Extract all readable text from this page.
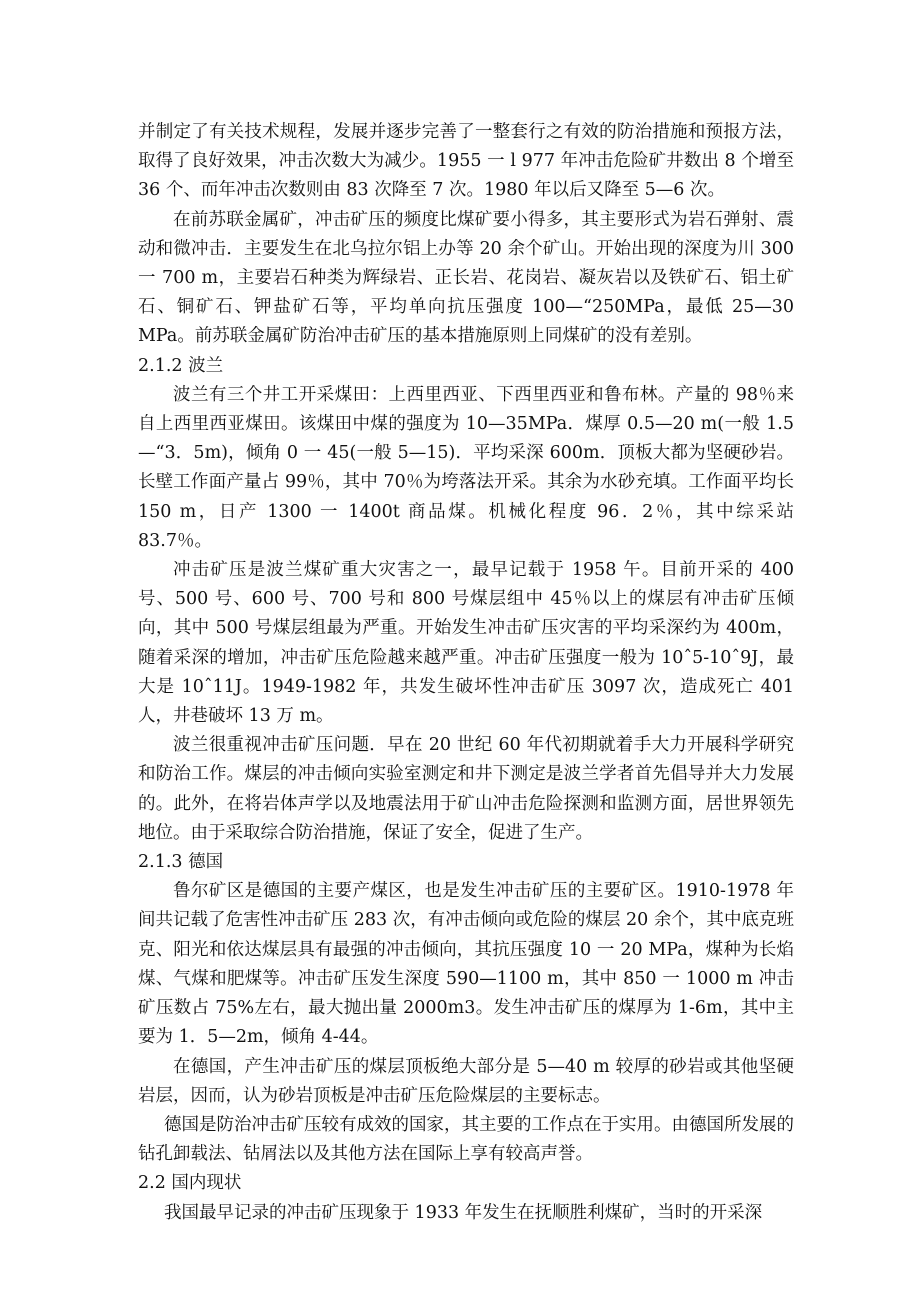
并制定了有关技术规程，发展并逐步完善了一整套行之有效的防治措施和预报方法，取得了良好效果，冲击次数大为减少。1955 一 l 977 年冲击危险矿井数出 8 个增至 36 个、而年冲击次数则由 83 次降至 7 次。1980 年以后又降至 5—6 次。

在前苏联金属矿，冲击矿压的频度比煤矿要小得多，其主要形式为岩石弹射、震动和微冲击．主要发生在北乌拉尔铝上办等 20 余个矿山。开始出现的深度为川 300 一 700 m，主要岩石种类为辉绿岩、正长岩、花岗岩、凝灰岩以及铁矿石、铝土矿石、铜矿石、钾盐矿石等，平均单向抗压强度 100—“250MPa，最低 25—30 MPa。前苏联金属矿防治冲击矿压的基本措施原则上同煤矿的没有差别。

2.1.2 波兰

波兰有三个井工开采煤田：上西里西亚、下西里西亚和鲁布林。产量的 98％来自上西里西亚煤田。该煤田中煤的强度为 10—35MPa．煤厚 0.5—20 m(一般 1.5—“3．5m)，倾角 0 一 45(一般 5—15)．平均采深 600m．顶板大都为坚硬砂岩。长壁工作面产量占 99％，其中 70％为垮落法开采。其余为水砂充填。工作面平均长 150 m，日产 1300 一 1400t 商品煤。机械化程度 96．2％，其中综采站 83.7％。

冲击矿压是波兰煤矿重大灾害之一，最早记载于 1958 午。目前开采的 400 号、500 号、600 号、700 号和 800 号煤层组中 45％以上的煤层有冲击矿压倾向，其中 500 号煤层组最为严重。开始发生冲击矿压灾害的平均采深约为 400m，随着采深的增加，冲击矿压危险越来越严重。冲击矿压强度一般为 10ˆ5-10ˆ9J，最大是 10ˆ11J。1949-1982 年，共发生破坏性冲击矿压 3097 次，造成死亡 401 人，井巷破坏 13 万 m。

波兰很重视冲击矿压问题．早在 20 世纪 60 年代初期就着手大力开展科学研究和防治工作。煤层的冲击倾向实验室测定和井下测定是波兰学者首先倡导并大力发展的。此外，在将岩体声学以及地震法用于矿山冲击危险探测和监测方面，居世界领先地位。由于采取综合防治措施，保证了安全，促进了生产。

2.1.3 德国

鲁尔矿区是德国的主要产煤区，也是发生冲击矿压的主要矿区。1910-1978 年间共记载了危害性冲击矿压 283 次，有冲击倾向或危险的煤层 20 余个，其中底克班克、阳光和依达煤层具有最强的冲击倾向，其抗压强度 10 一 20 MPa，煤种为长焰煤、气煤和肥煤等。冲击矿压发生深度 590—1100 m，其中 850 一 1000 m 冲击矿压数占 75%左右，最大抛出量 2000m3。发生冲击矿压的煤厚为 1-6m，其中主要为 1．5—2m，倾角 4-44。

在德国，产生冲击矿压的煤层顶板绝大部分是 5—40 m 较厚的砂岩或其他坚硬岩层，因而，认为砂岩顶板是冲击矿压危险煤层的主要标志。

德国是防治冲击矿压较有成效的国家，其主要的工作点在于实用。由德国所发展的钻孔卸载法、钻屑法以及其他方法在国际上享有较高声誉。

2.2 国内现状

我国最早记录的冲击矿压现象于 1933 年发生在抚顺胜利煤矿，当时的开采深
